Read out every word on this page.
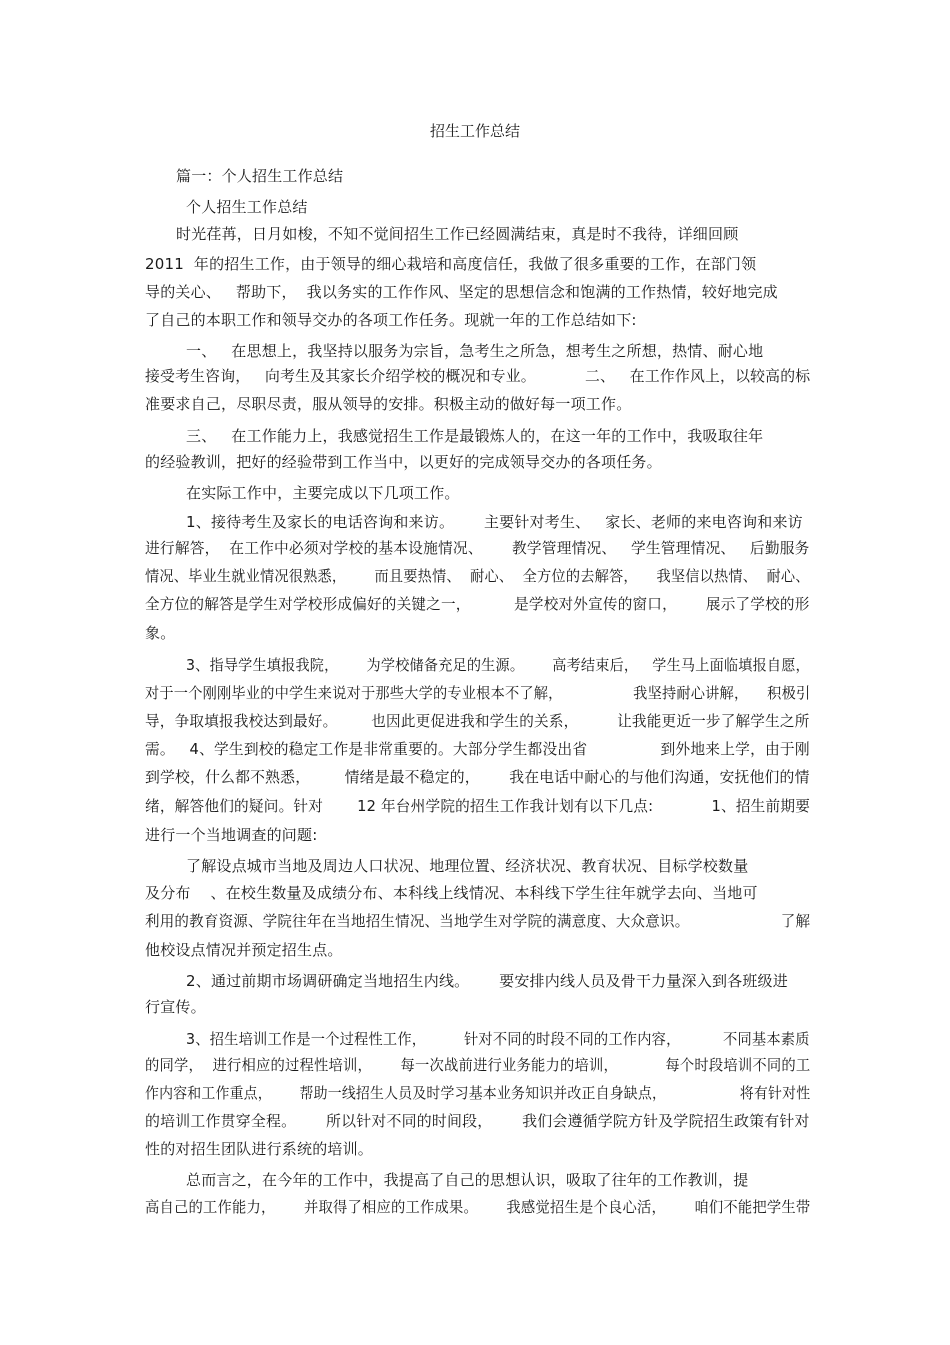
招生工作总结
篇一：个人招生工作总结
个人招生工作总结
时光荏苒，日月如梭，不知不觉间招生工作已经圆满结束，真是时不我待，详细回顾
2011  年的招生工作，由于领导的细心栽培和高度信任，我做了很多重要的工作，在部门领
导的关心、   帮助下，  我以务实的工作作风、坚定的思想信念和饱满的工作热情，较好地完成
了自己的本职工作和领导交办的各项工作任务。现就一年的工作总结如下:
一、   在思想上，我坚持以服务为宗旨，急考生之所急，想考生之所想，热情、耐心地
接受考生咨询，   向考生及其家长介绍学校的概况和专业。          二、   在工作作风上，以较高的标
准要求自己，尽职尽责，服从领导的安排。积极主动的做好每一项工作。
三、   在工作能力上，我感觉招生工作是最锻炼人的，在这一年的工作中，我吸取往年
的经验教训，把好的经验带到工作当中，以更好的完成领导交办的各项任务。
在实际工作中，主要完成以下几项工作。
1、接待考生及家长的电话咨询和来访。      主要针对考生、   家长、老师的来电咨询和来访
进行解答，  在工作中必须对学校的基本设施情况、      教学管理情况、   学生管理情况、   后勤服务
情况、毕业生就业情况很熟悉，      而且要热情、  耐心、  全方位的去解答，    我坚信以热情、  耐心、
全方位的解答是学生对学校形成偏好的关键之一，         是学校对外宣传的窗口，      展示了学校的形
象。
3、指导学生填报我院，      为学校储备充足的生源。      高考结束后，   学生马上面临填报自愿，
对于一个刚刚毕业的中学生来说对于那些大学的专业根本不了解，               我坚持耐心讲解，    积极引
导，争取填报我校达到最好。       也因此更促进我和学生的关系，        让我能更近一步了解学生之所
需。   4、学生到校的稳定工作是非常重要的。大部分学生都没出省               到外地来上学，由于刚
到学校，什么都不熟悉，       情绪是最不稳定的，      我在电话中耐心的与他们沟通，安抚他们的情
绪，解答他们的疑问。针对       12 年台州学院的招生工作我计划有以下几点:            1、招生前期要
进行一个当地调查的问题:
了解设点城市当地及周边人口状况、地理位置、经济状况、教育状况、目标学校数量
及分布    、在校生数量及成绩分布、本科线上线情况、本科线下学生往年就学去向、当地可
利用的教育资源、学院往年在当地招生情况、当地学生对学院的满意度、大众意识。                   了解
他校设点情况并预定招生点。
2、通过前期市场调研确定当地招生内线。      要安排内线人员及骨干力量深入到各班级进
行宣传。
3、招生培训工作是一个过程性工作，        针对不同的时段不同的工作内容，         不同基本素质
的同学，  进行相应的过程性培训，      每一次战前进行业务能力的培训，          每个时段培训不同的工
作内容和工作重点，      帮助一线招生人员及时学习基本业务知识并改正自身缺点，                将有针对性
的培训工作贯穿全程。      所以针对不同的时间段，      我们会遵循学院方针及学院招生政策有针对
性的对招生团队进行系统的培训。
总而言之，在今年的工作中，我提高了自己的思想认识，吸取了往年的工作教训，提
高自己的工作能力，      并取得了相应的工作成果。      我感觉招生是个良心活，      咱们不能把学生带
